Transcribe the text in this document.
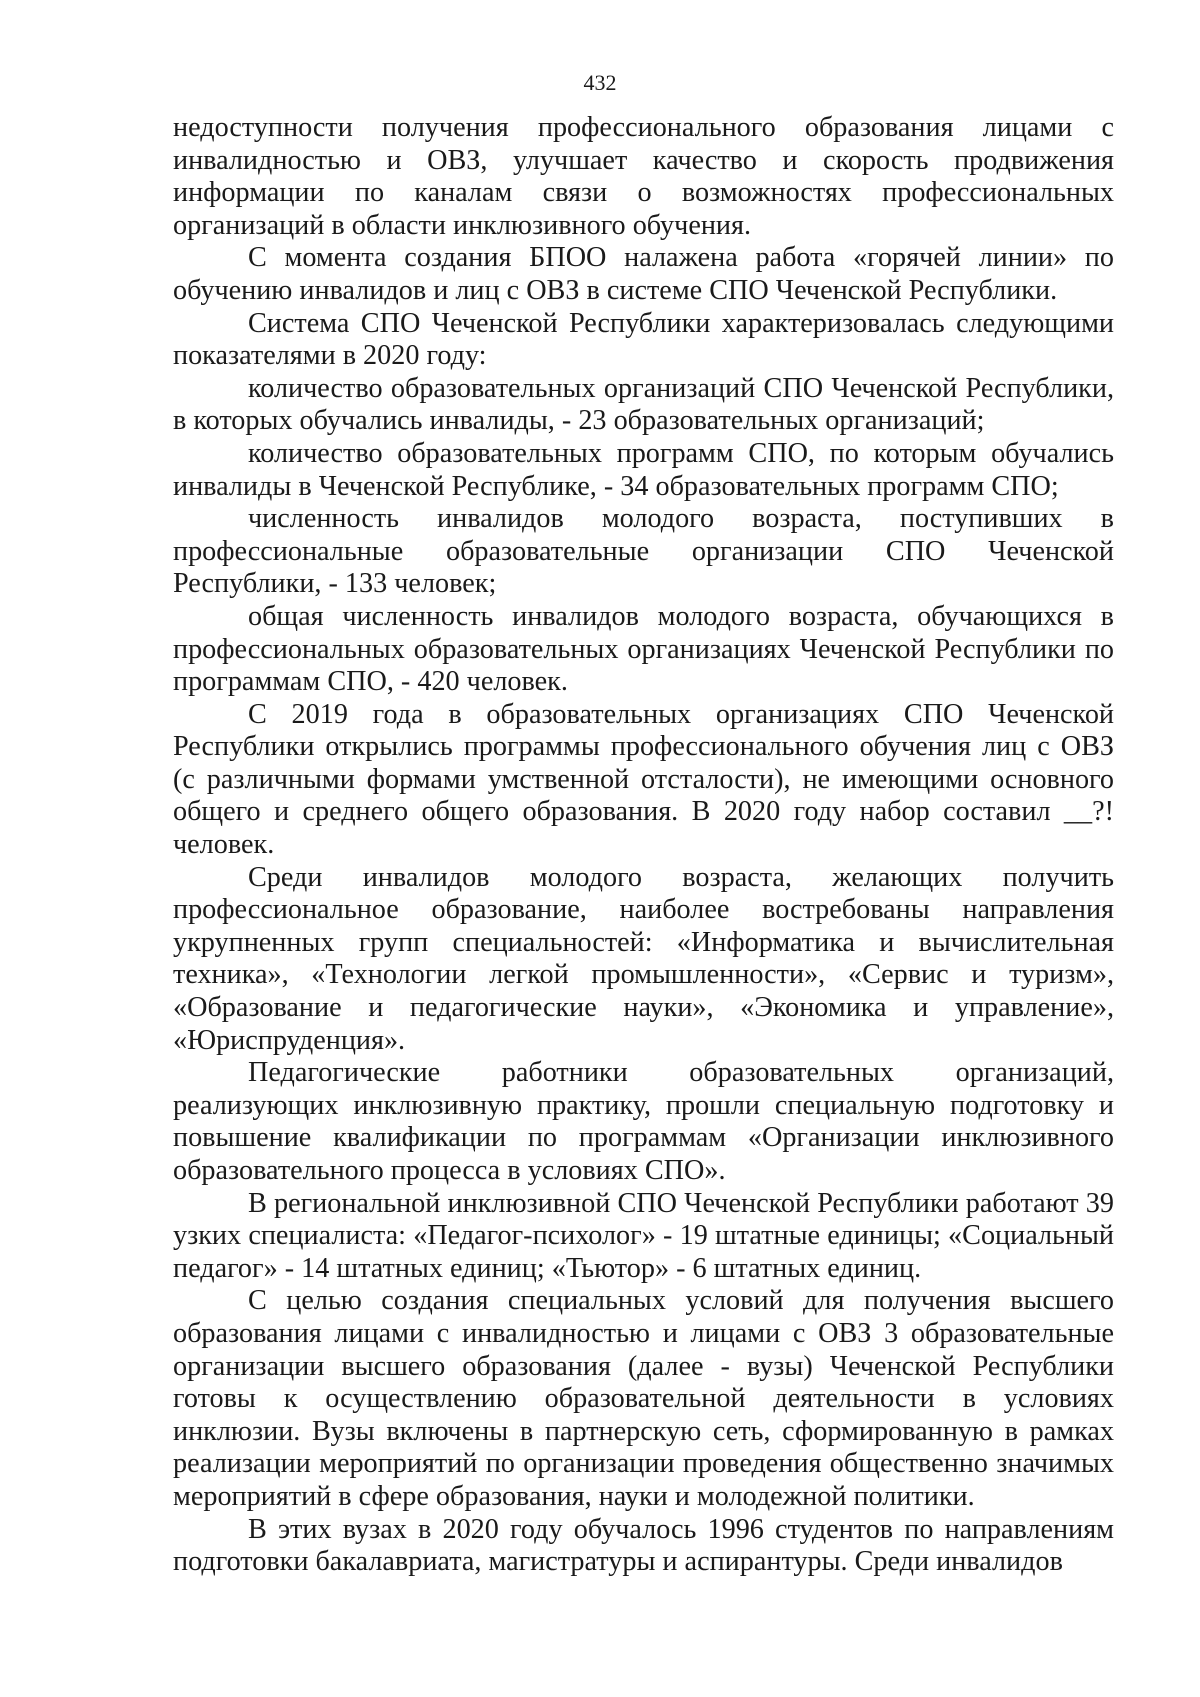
432

недоступности получения профессионального образования лицами с инвалидностью и ОВЗ, улучшает качество и скорость продвижения информации по каналам связи о возможностях профессиональных организаций в области инклюзивного обучения.

С момента создания БПОО налажена работа «горячей линии» по обучению инвалидов и лиц с ОВЗ в системе СПО Чеченской Республики.

Система СПО Чеченской Республики характеризовалась следующими показателями в 2020 году:

количество образовательных организаций СПО Чеченской Республики, в которых обучались инвалиды, - 23 образовательных организаций;

количество образовательных программ СПО, по которым обучались инвалиды в Чеченской Республике, - 34 образовательных программ СПО;

численность инвалидов молодого возраста, поступивших в профессиональные образовательные организации СПО Чеченской Республики, - 133 человек;

общая численность инвалидов молодого возраста, обучающихся в профессиональных образовательных организациях Чеченской Республики по программам СПО, - 420 человек.

С 2019 года в образовательных организациях СПО Чеченской Республики открылись программы профессионального обучения лиц с ОВЗ (с различными формами умственной отсталости), не имеющими основного общего и среднего общего образования. В 2020 году набор составил __?! человек.

Среди инвалидов молодого возраста, желающих получить профессиональное образование, наиболее востребованы направления укрупненных групп специальностей: «Информатика и вычислительная техника», «Технологии легкой промышленности», «Сервис и туризм», «Образование и педагогические науки», «Экономика и управление», «Юриспруденция».

Педагогические работники образовательных организаций, реализующих инклюзивную практику, прошли специальную подготовку и повышение квалификации по программам «Организации инклюзивного образовательного процесса в условиях СПО».

В региональной инклюзивной СПО Чеченской Республики работают 39 узких специалиста: «Педагог-психолог» - 19 штатные единицы; «Социальный педагог» - 14 штатных единиц; «Тьютор» - 6 штатных единиц.

С целью создания специальных условий для получения высшего образования лицами с инвалидностью и лицами с ОВЗ 3 образовательные организации высшего образования (далее - вузы) Чеченской Республики готовы к осуществлению образовательной деятельности в условиях инклюзии. Вузы включены в партнерскую сеть, сформированную в рамках реализации мероприятий по организации проведения общественно значимых мероприятий в сфере образования, науки и молодежной политики.

В этих вузах в 2020 году обучалось 1996 студентов по направлениям подготовки бакалавриата, магистратуры и аспирантуры. Среди инвалидов
